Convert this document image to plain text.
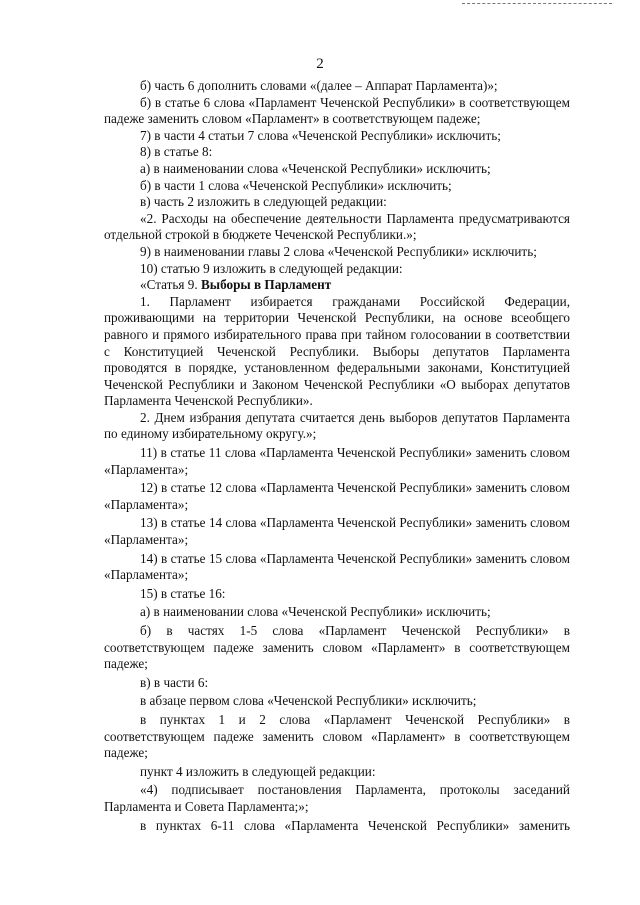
2

б) часть 6 дополнить словами «(далее – Аппарат Парламента)»;

б) в статье 6 слова «Парламент Чеченской Республики» в соответствующем падеже заменить словом «Парламент» в соответствующем падеже;

7) в части 4 статьи 7 слова «Чеченской Республики» исключить;

8) в статье 8:

а) в наименовании слова «Чеченской Республики» исключить;

б) в части 1 слова «Чеченской Республики» исключить;

в) часть 2 изложить в следующей редакции:

«2. Расходы на обеспечение деятельности Парламента предусматриваются отдельной строкой в бюджете Чеченской Республики.»;

9) в наименовании главы 2 слова «Чеченской Республики» исключить;

10) статью 9 изложить в следующей редакции:

«Статья 9. Выборы в Парламент

1. Парламент избирается гражданами Российской Федерации, проживающими на территории Чеченской Республики, на основе всеобщего равного и прямого избирательного права при тайном голосовании в соответствии с Конституцией Чеченской Республики. Выборы депутатов Парламента проводятся в порядке, установленном федеральными законами, Конституцией Чеченской Республики и Законом Чеченской Республики «О выборах депутатов Парламента Чеченской Республики».

2. Днем избрания депутата считается день выборов депутатов Парламента по единому избирательному округу.»;

11) в статье 11 слова «Парламента Чеченской Республики» заменить словом «Парламента»;

12) в статье 12 слова «Парламента Чеченской Республики» заменить словом «Парламента»;

13) в статье 14 слова «Парламента Чеченской Республики» заменить словом «Парламента»;

14) в статье 15 слова «Парламента Чеченской Республики» заменить словом «Парламента»;

15) в статье 16:

а) в наименовании слова «Чеченской Республики» исключить;

б) в частях 1-5 слова «Парламент Чеченской Республики» в соответствующем падеже заменить словом «Парламент» в соответствующем падеже;

в) в части 6:

в абзаце первом слова «Чеченской Республики» исключить;

в пунктах 1 и 2 слова «Парламент Чеченской Республики» в соответствующем падеже заменить словом «Парламент» в соответствующем падеже;

пункт 4 изложить в следующей редакции:

«4) подписывает постановления Парламента, протоколы заседаний Парламента и Совета Парламента;»;

в пунктах 6-11 слова «Парламента Чеченской Республики» заменить
